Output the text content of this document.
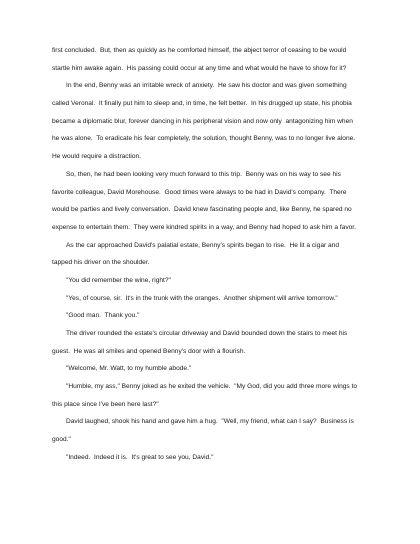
first concluded.  But, then as quickly as he comforted himself, the abject terror of ceasing to be would
startle him awake again.  His passing could occur at any time and what would he have to show for it?
In the end, Benny was an irritable wreck of anxiety.  He saw his doctor and was given something
called Veronal.  It finally put him to sleep and, in time, he felt better.  In his drugged up state, his phobia
became a diplomatic blur, forever dancing in his peripheral vision and now only  antagonizing him when
he was alone.  To eradicate his fear completely, the solution, thought Benny, was to no longer live alone.
He would require a distraction.
So, then, he had been looking very much forward to this trip.  Benny was on his way to see his
favorite colleague, David Morehouse.  Good times were always to be had in David's company.  There
would be parties and lively conversation.  David knew fascinating people and, like Benny, he spared no
expense to entertain them.  They were kindred spirits in a way, and Benny had hoped to ask him a favor.
As the car approached David's palatial estate, Benny's spirits began to rise.  He lit a cigar and
tapped his driver on the shoulder.
"You did remember the wine, right?"
"Yes, of course, sir.  It's in the trunk with the oranges.  Another shipment will arrive tomorrow."
"Good man.  Thank you."
The driver rounded the estate's circular driveway and David bounded down the stairs to meet his
guest.  He was all smiles and opened Benny's door with a flourish.
"Welcome, Mr. Watt, to my humble abode."
"Humble, my ass," Benny joked as he exited the vehicle.  "My God, did you add three more wings to
this place since I've been here last?"
David laughed, shook his hand and gave him a hug.  "Well, my friend, what can I say?  Business is
good."
"Indeed.  Indeed it is.  It's great to see you, David."
